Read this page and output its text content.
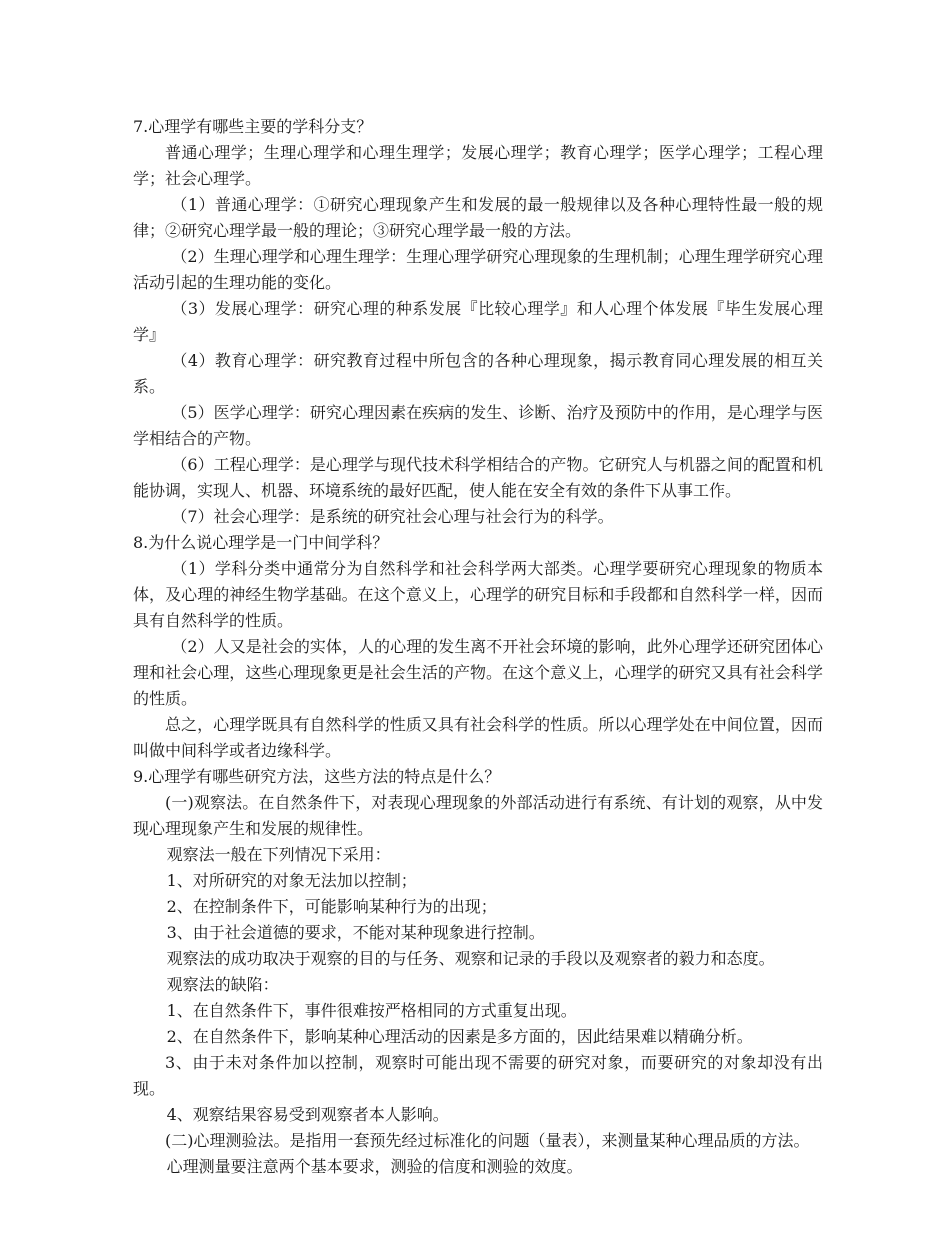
7.心理学有哪些主要的学科分支？

普通心理学；生理心理学和心理生理学；发展心理学；教育心理学；医学心理学；工程心理学；社会心理学。

（1）普通心理学：①研究心理现象产生和发展的最一般规律以及各种心理特性最一般的规律；②研究心理学最一般的理论；③研究心理学最一般的方法。

（2）生理心理学和心理生理学：生理心理学研究心理现象的生理机制；心理生理学研究心理活动引起的生理功能的变化。

（3）发展心理学：研究心理的种系发展『比较心理学』和人心理个体发展『毕生发展心理学』

（4）教育心理学：研究教育过程中所包含的各种心理现象，揭示教育同心理发展的相互关系。

（5）医学心理学：研究心理因素在疾病的发生、诊断、治疗及预防中的作用，是心理学与医学相结合的产物。

（6）工程心理学：是心理学与现代技术科学相结合的产物。它研究人与机器之间的配置和机能协调，实现人、机器、环境系统的最好匹配，使人能在安全有效的条件下从事工作。

（7）社会心理学：是系统的研究社会心理与社会行为的科学。

8.为什么说心理学是一门中间学科？

（1）学科分类中通常分为自然科学和社会科学两大部类。心理学要研究心理现象的物质本体，及心理的神经生物学基础。在这个意义上，心理学的研究目标和手段都和自然科学一样，因而具有自然科学的性质。

（2）人又是社会的实体，人的心理的发生离不开社会环境的影响，此外心理学还研究团体心理和社会心理，这些心理现象更是社会生活的产物。在这个意义上，心理学的研究又具有社会科学的性质。

总之，心理学既具有自然科学的性质又具有社会科学的性质。所以心理学处在中间位置，因而叫做中间科学或者边缘科学。

9.心理学有哪些研究方法，这些方法的特点是什么？

(一)观察法。在自然条件下，对表现心理现象的外部活动进行有系统、有计划的观察，从中发现心理现象产生和发展的规律性。

观察法一般在下列情况下采用：

1、对所研究的对象无法加以控制；

2、在控制条件下，可能影响某种行为的出现；

3、由于社会道德的要求，不能对某种现象进行控制。

观察法的成功取决于观察的目的与任务、观察和记录的手段以及观察者的毅力和态度。

观察法的缺陷：

1、在自然条件下，事件很难按严格相同的方式重复出现。

2、在自然条件下，影响某种心理活动的因素是多方面的，因此结果难以精确分析。

3、由于未对条件加以控制，观察时可能出现不需要的研究对象，而要研究的对象却没有出现。

4、观察结果容易受到观察者本人影响。

(二)心理测验法。是指用一套预先经过标准化的问题（量表），来测量某种心理品质的方法。

心理测量要注意两个基本要求，测验的信度和测验的效度。
